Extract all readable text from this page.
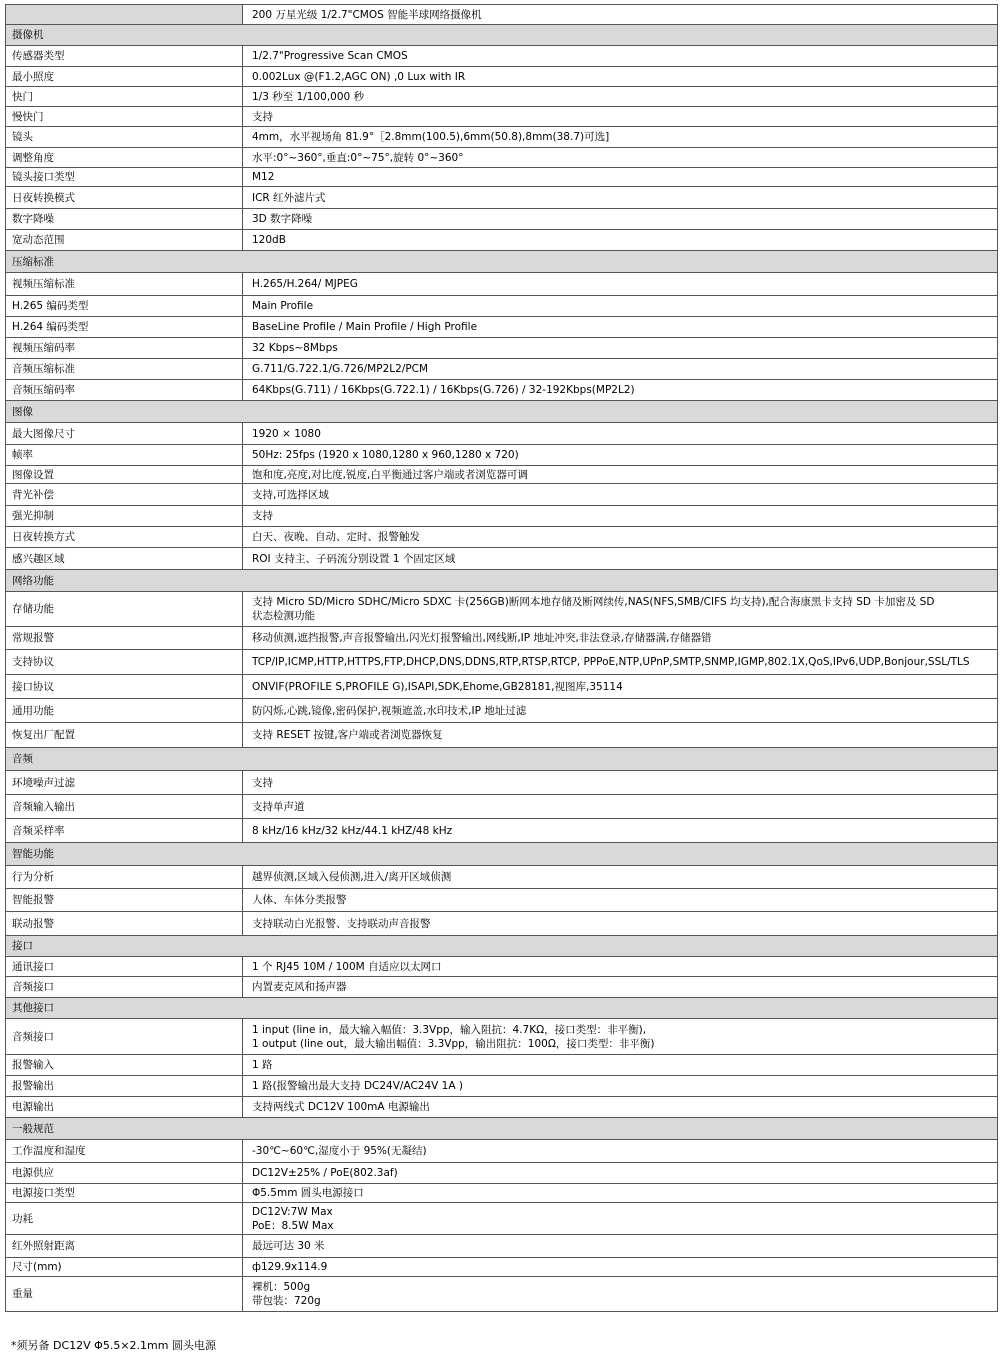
	200 万星光级 1/2.7"CMOS 智能半球网络摄像机
摄像机	
传感器类型	1/2.7"Progressive Scan CMOS

最小照度	0.002Lux @(F1.2,AGC ON) ,0 Lux with IR

快门	1/3 秒至 1/100,000 秒

慢快门	支持

镜头	4mm，水平视场角 81.9°［2.8mm(100.5),6mm(50.8),8mm(38.7)可选]

调整角度	水平:0°~360°,垂直:0°~75°,旋转 0°~360°

镜头接口类型	M12

日夜转换模式	ICR 红外滤片式

数字降噪	3D 数字降噪

宽动态范围	120dB

压缩标准	
视频压缩标准	H.265/H.264/ MJPEG

H.265 编码类型	Main Profile

H.264 编码类型	BaseLine Profile / Main Profile / High Profile

视频压缩码率	32 Kbps~8Mbps

音频压缩标准	G.711/G.722.1/G.726/MP2L2/PCM

音频压缩码率	64Kbps(G.711) / 16Kbps(G.722.1) / 16Kbps(G.726) / 32-192Kbps(MP2L2)

图像	
最大图像尺寸	1920 × 1080

帧率	50Hz: 25fps (1920 x 1080,1280 x 960,1280 x 720)

图像设置	饱和度,亮度,对比度,锐度,白平衡通过客户端或者浏览器可调

背光补偿	支持,可选择区域

强光抑制	支持

日夜转换方式	白天、夜晚、自动、定时、报警触发

感兴趣区域	ROI 支持主、子码流分别设置 1 个固定区域

网络功能	
存储功能	支持 Micro SD/Micro SDHC/Micro SDXC 卡(256GB)断网本地存储及断网续传,NAS(NFS,SMB/CIFS 均支持),配合海康黑卡支持 SD 卡加密及 SD
状态检测功能

常规报警	移动侦测,遮挡报警,声音报警输出,闪光灯报警输出,网线断,IP 地址冲突,非法登录,存储器满,存储器错

支持协议	TCP/IP,ICMP,HTTP,HTTPS,FTP,DHCP,DNS,DDNS,RTP,RTSP,RTCP, PPPoE,NTP,UPnP,SMTP,SNMP,IGMP,802.1X,QoS,IPv6,UDP,Bonjour,SSL/TLS

接口协议	ONVIF(PROFILE S,PROFILE G),ISAPI,SDK,Ehome,GB28181,视图库,35114

通用功能	防闪烁,心跳,镜像,密码保护,视频遮盖,水印技术,IP 地址过滤

恢复出厂配置	支持 RESET 按键,客户端或者浏览器恢复

音频	
环境噪声过滤	支持

音频输入输出	支持单声道

音频采样率	8 kHz/16 kHz/32 kHz/44.1 kHZ/48 kHz

智能功能	
行为分析	越界侦测,区域入侵侦测,进入/离开区域侦测

智能报警	人体、车体分类报警

联动报警	支持联动白光报警、支持联动声音报警

接口	
通讯接口	1 个 RJ45 10M / 100M 自适应以太网口

音频接口	内置麦克风和扬声器

其他接口	
音频接口	1 input (line in，最大输入幅值：3.3Vpp，输入阻抗：4.7KΩ，接口类型：非平衡),
1 output (line out，最大输出幅值：3.3Vpp，输出阻抗：100Ω，接口类型：非平衡)

报警输入	1 路

报警输出	1 路(报警输出最大支持 DC24V/AC24V 1A )

电源输出	支持两线式 DC12V 100mA 电源输出

一般规范	
工作温度和湿度	-30℃~60℃,湿度小于 95%(无凝结)

电源供应	DC12V±25% / PoE(802.3af)

电源接口类型	Φ5.5mm 圆头电源接口

功耗	DC12V:7W Max
PoE：8.5W Max

红外照射距离	最远可达 30 米

尺寸(mm)	ф129.9x114.9

重量	裸机：500g
带包装：720g
*须另备 DC12V Φ5.5×2.1mm 圆头电源
